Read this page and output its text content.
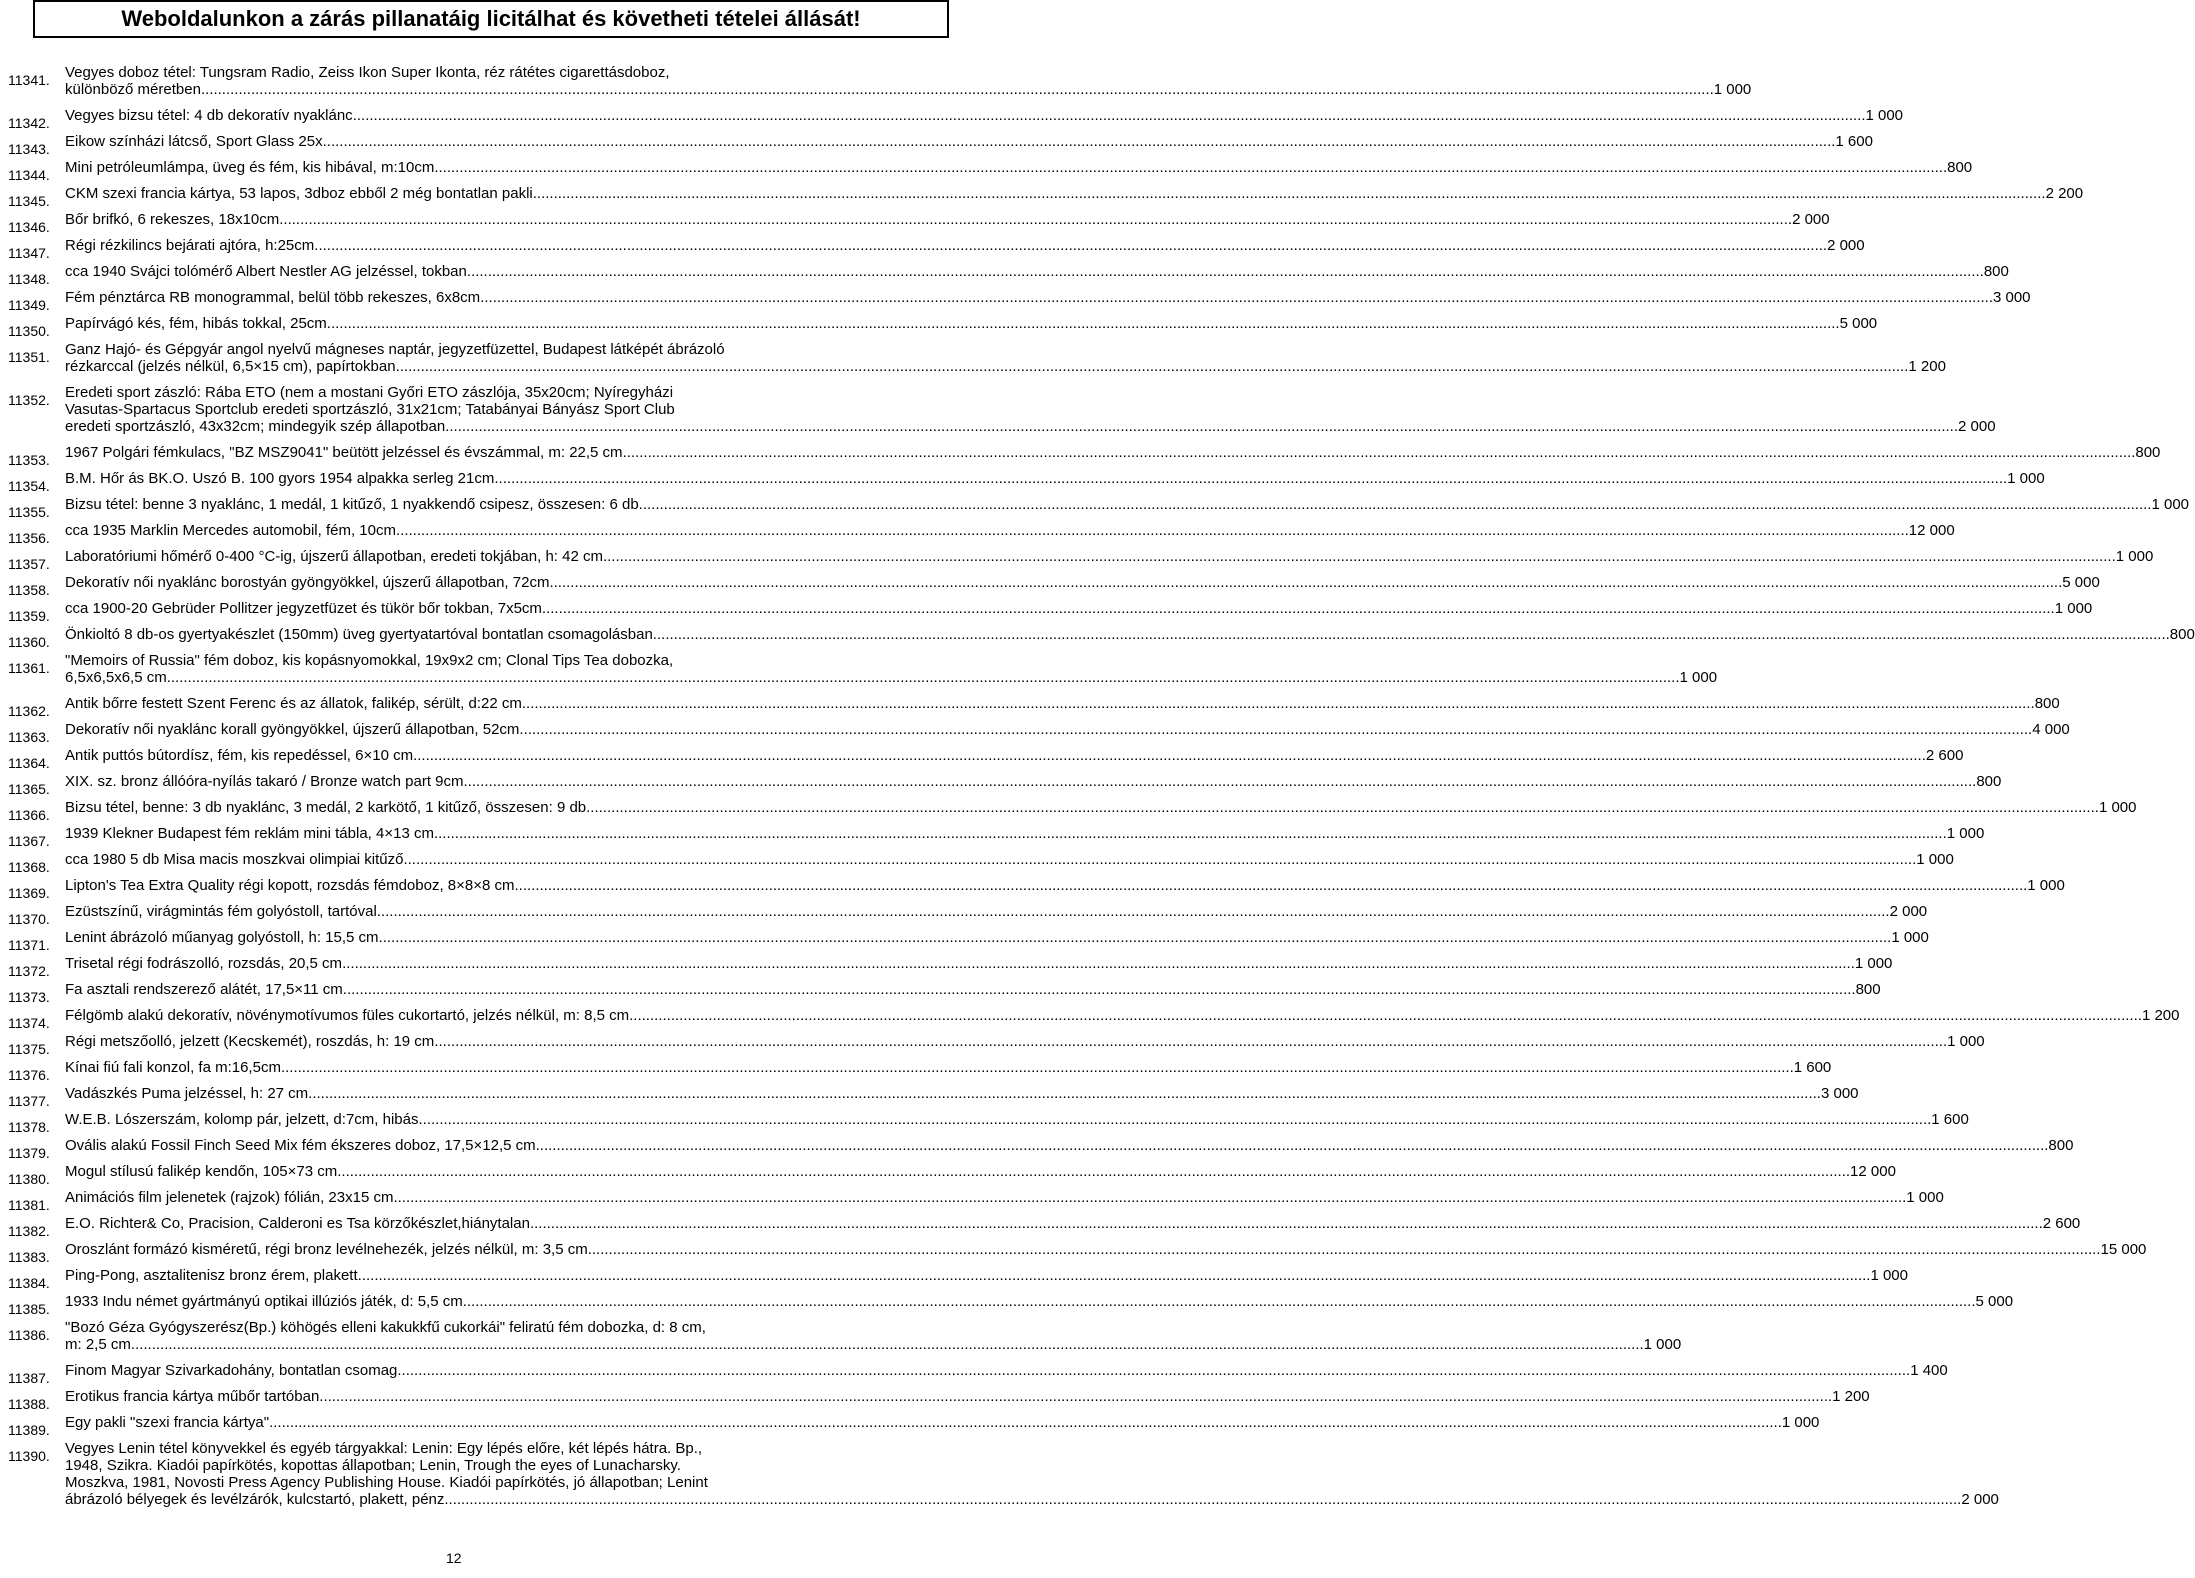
Weboldalunkon a zárás pillanatáig licitálhat és követheti tételei állását!
11341.	Vegyes doboz tétel: Tungsram Radio, Zeiss Ikon Super Ikonta, réz rátétes cigarettásdoboz,
különböző méretben .....	1 000
11342.	Vegyes bizsu tétel: 4 db dekoratív nyaklánc .....	1 000
11343.	Eikow színházi látcső, Sport Glass 25x .....	1 600
11344.	Mini petróleumlámpa, üveg és fém, kis hibával, m:10cm .....	800
11345.	CKM szexi francia kártya, 53 lapos, 3dboz ebből 2 még bontatlan pakli .....	2 200
11346.	Bőr brifkó, 6 rekeszes, 18x10cm .....	2 000
11347.	Régi rézkilincs bejárati ajtóra, h:25cm .....	2 000
11348.	cca 1940 Svájci tolómérő Albert Nestler AG jelzéssel, tokban. .....	800
11349.	Fém pénztárca RB monogrammal, belül több rekeszes, 6x8cm .....	3 000
11350.	Papírvágó kés, fém, hibás tokkal, 25cm .....	5 000
11351.	Ganz Hajó- és Gépgyár angol nyelvű mágneses naptár, jegyzetfüzettel, Budapest látképét ábrázoló
rézkarccal (jelzés nélkül, 6,5×15 cm), papírtokban .....	1 200
11352.	Eredeti sport zászló: Rába ETO (nem a mostani Győri ETO zászlója, 35x20cm; Nyíregyházi
Vasutas-Spartacus Sportclub eredeti sportzászló, 31x21cm; Tatabányai Bányász Sport Club
eredeti sportzászló, 43x32cm; mindegyik szép állapotban .....	2 000
11353.	1967 Polgári fémkulacs, "BZ MSZ9041" beütött jelzéssel és évszámmal, m: 22,5 cm .....	800
11354.	B.M. Hőr ás BK.O. Uszó B. 100 gyors 1954 alpakka serleg 21cm .....	1 000
11355.	Bizsu tétel: benne 3 nyaklánc, 1 medál, 1 kitűző, 1 nyakkendő csipesz, összesen: 6 db .....	1 000
11356.	cca 1935 Marklin Mercedes automobil, fém, 10cm .....	12 000
11357.	Laboratóriumi hőmérő 0-400 °C-ig, újszerű állapotban, eredeti tokjában, h: 42 cm .....	1 000
11358.	Dekoratív női nyaklánc borostyán gyöngyökkel, újszerű állapotban, 72cm .....	5 000
11359.	cca 1900-20 Gebrüder Pollitzer jegyzetfüzet és tükör bőr tokban, 7x5cm .....	1 000
11360.	Önkioltó 8 db-os gyertyakészlet (150mm) üveg gyertyatartóval bontatlan csomagolásban. .....	800
11361.	"Memoirs of Russia" fém doboz, kis kopásnyomokkal, 19x9x2 cm; Clonal Tips Tea dobozka,
6,5x6,5x6,5 cm .....	1 000
11362.	Antik bőrre festett Szent Ferenc és az állatok, falikép, sérült, d:22 cm .....	800
11363.	Dekoratív női nyaklánc korall gyöngyökkel, újszerű állapotban, 52cm .....	4 000
11364.	Antik puttós bútordísz, fém, kis repedéssel, 6×10 cm .....	2 600
11365.	XIX. sz. bronz állóóra-nyílás takaró / Bronze watch part 9cm .....	800
11366.	Bizsu tétel, benne: 3 db nyaklánc, 3 medál, 2 karkötő, 1 kitűző, összesen: 9 db .....	1 000
11367.	1939 Klekner Budapest fém reklám mini tábla, 4×13 cm .....	1 000
11368.	cca 1980 5 db Misa macis moszkvai olimpiai kitűző .....	1 000
11369.	Lipton's Tea Extra Quality régi kopott, rozsdás fémdoboz, 8×8×8 cm .....	1 000
11370.	Ezüstszínű, virágmintás fém golyóstoll, tartóval .....	2 000
11371.	Lenint ábrázoló műanyag golyóstoll, h: 15,5 cm .....	1 000
11372.	Trisetal régi fodrászolló, rozsdás, 20,5 cm .....	1 000
11373.	Fa asztali rendszerező alátét, 17,5×11 cm .....	800
11374.	Félgömb alakú dekoratív, növénymotívumos füles cukortartó, jelzés nélkül, m: 8,5 cm .....	1 200
11375.	Régi metszőolló, jelzett (Kecskemét), roszdás, h: 19 cm .....	1 000
11376.	Kínai fiú fali konzol, fa m:16,5cm .....	1 600
11377.	Vadászkés Puma jelzéssel, h: 27 cm .....	3 000
11378.	W.E.B. Lószerszám, kolomp pár, jelzett, d:7cm, hibás .....	1 600
11379.	Ovális alakú Fossil Finch Seed Mix fém ékszeres doboz, 17,5×12,5 cm .....	800
11380.	Mogul stílusú falikép kendőn, 105×73 cm .....	12 000
11381.	Animációs film jelenetek (rajzok) fólián, 23x15 cm .....	1 000
11382.	E.O. Richter& Co, Pracision, Calderoni es Tsa körzőkészlet,hiánytalan .....	2 600
11383.	Oroszlánt formázó kisméretű, régi bronz levélnehezék, jelzés nélkül, m: 3,5 cm .....	15 000
11384.	Ping-Pong, asztalitenisz bronz érem, plakett .....	1 000
11385.	1933 Indu német gyártmányú optikai illúziós játék, d: 5,5 cm .....	5 000
11386.	"Bozó Géza Gyógyszerész(Bp.) köhögés elleni kakukkfű cukorkái" feliratú fém dobozka, d: 8 cm,
m: 2,5 cm .....	1 000
11387.	Finom Magyar Szivarkadohány, bontatlan csomag .....	1 400
11388.	Erotikus francia kártya műbőr tartóban .....	1 200
11389.	Egy pakli "szexi francia kártya" .....	1 000
11390.	Vegyes Lenin tétel könyvekkel és egyéb tárgyakkal: Lenin: Egy lépés előre, két lépés hátra. Bp.,
1948, Szikra. Kiadói papírkötés, kopottas állapotban; Lenin, Trough the eyes of Lunacharsky.
Moszkva, 1981, Novosti Press Agency Publishing House. Kiadói papírkötés, jó állapotban; Lenint
ábrázoló bélyegek és levélzárók, kulcstartó, plakett, pénz. .....	2 000
12
